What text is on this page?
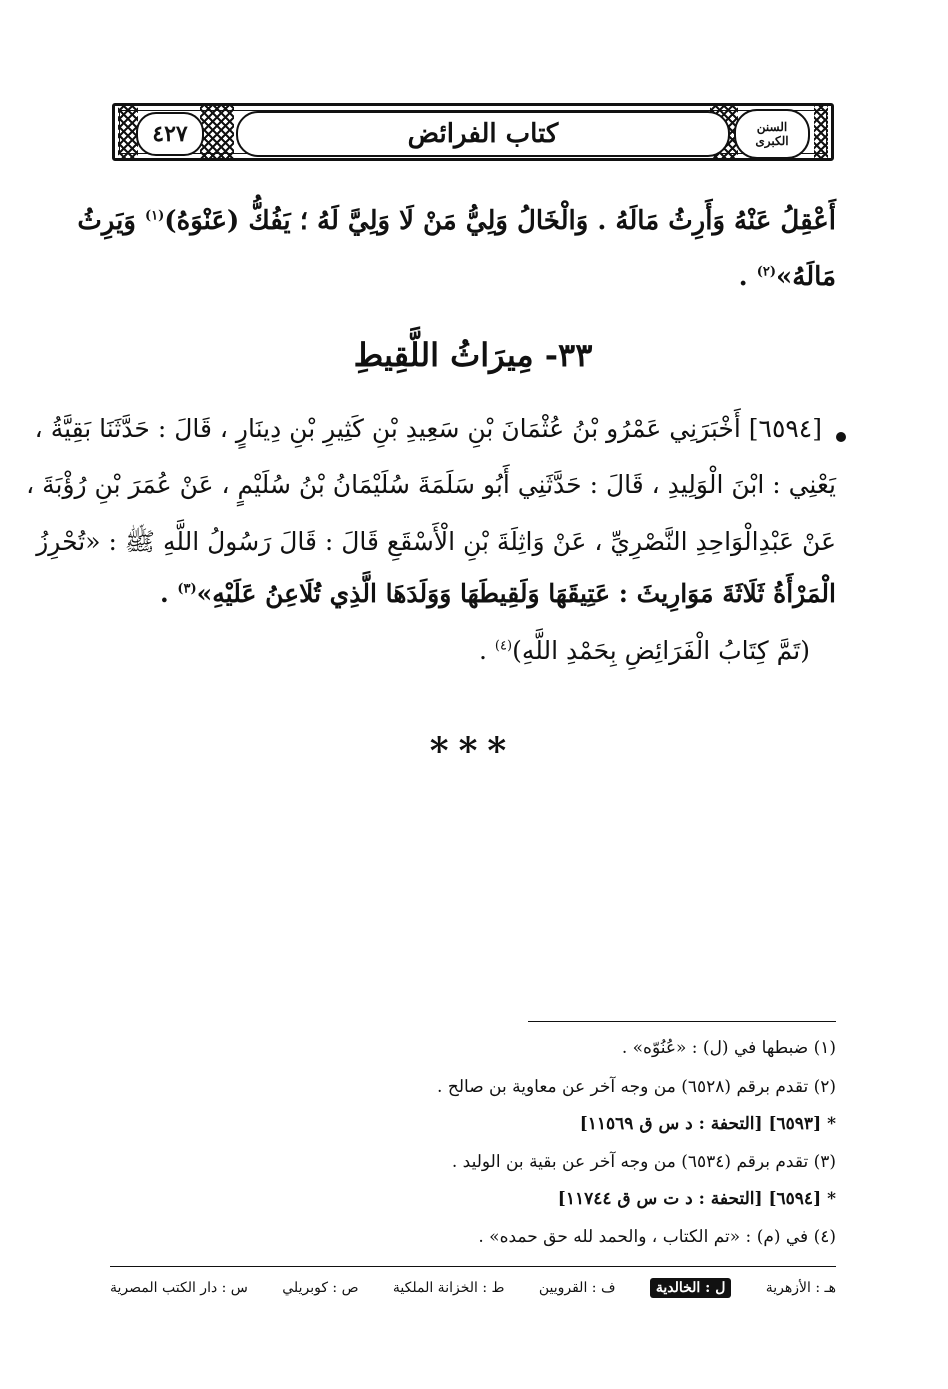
٤٢٧	كتاب الفرائض	السنن
الكبرى
أَعْقِلُ عَنْهُ وَأَرِثُ مَالَهُ . وَالْخَالُ وَلِيُّ مَنْ لَا وَلِيَّ لَهُ ؛ يَفُكُّ (عَنْوَهُ)$^{(١)}$ وَيَرِثُ
مَالَهُ»$^{(٢)}$ .
٣٣- مِيرَاثُ اللَّقِيطِ
[٦٥٩٤] أَخْبَرَنِي عَمْرُو بْنُ عُثْمَانَ بْنِ سَعِيدِ بْنِ كَثِيرِ بْنِ دِينَارٍ ، قَالَ : حَدَّثَنَا بَقِيَّةُ ،
يَعْنِي : ابْنَ الْوَلِيدِ ، قَالَ : حَدَّثَنِي أَبُو سَلَمَةَ سُلَيْمَانُ بْنُ سُلَيْمٍ ، عَنْ عُمَرَ بْنِ رُؤْبَةَ ،
عَنْ عَبْدِالْوَاحِدِ النَّصْرِيِّ ، عَنْ وَاثِلَةَ بْنِ الْأَسْقَعِ قَالَ : قَالَ رَسُولُ اللَّهِ ﷺ : «تُحْرِزُ
الْمَرْأَةُ ثَلَاثَةَ مَوَارِيثَ : عَتِيقَهَا وَلَقِيطَهَا وَوَلَدَهَا الَّذِي تُلَاعِنُ عَلَيْهِ»$^{(٣)}$ .
(تَمَّ كِتَابُ الْفَرَائِضِ بِحَمْدِ اللَّهِ)$^{(٤)}$ .
***
(١) ضبطها في (ل) : «عُنُوّه» .
(٢) تقدم برقم (٦٥٢٨) من وجه آخر عن معاوية بن صالح .
*[٦٥٩٣] [التحفة : د س ق ١١٥٦٩]
(٣) تقدم برقم (٦٥٣٤) من وجه آخر عن بقية بن الوليد .
*[٦٥٩٤] [التحفة : د ت س ق ١١٧٤٤]
(٤) في (م) : «تم الكتاب ، والحمد لله حق حمده» .
س : دار الكتب المصرية ص : كوبريلي ط : الخزانة الملكية ف : القرويين	ل : الخالدية	هـ : الأزهرية
